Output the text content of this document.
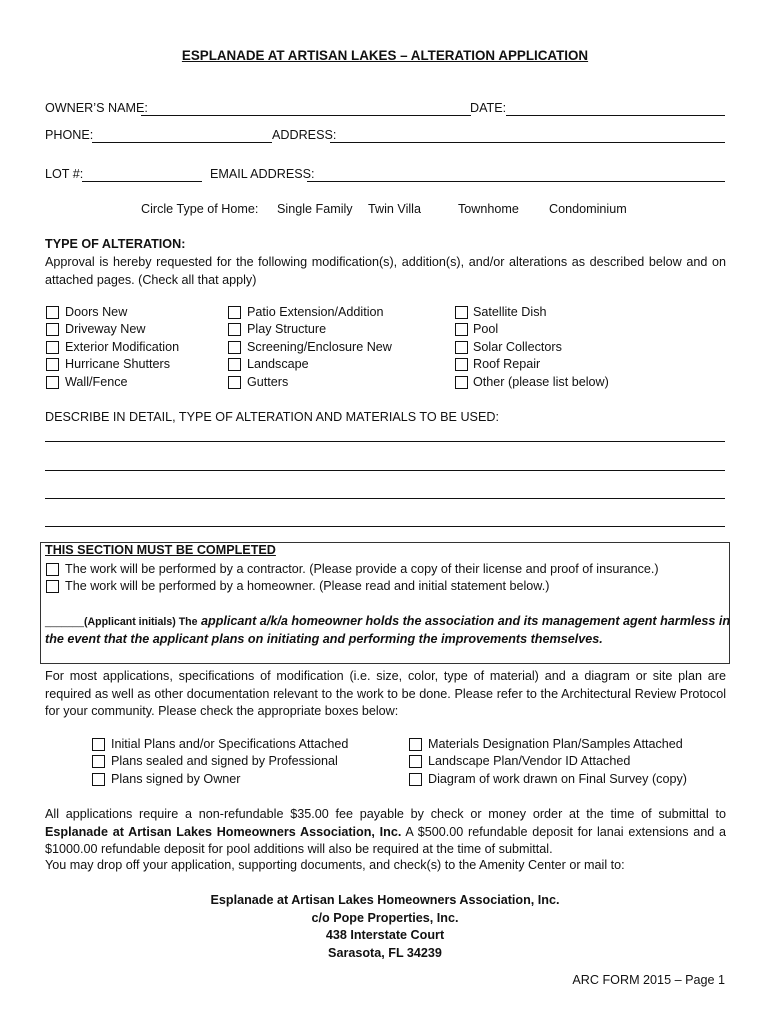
ESPLANADE AT ARTISAN LAKES – ALTERATION APPLICATION
OWNER’S NAME:	DATE:
PHONE:	ADDRESS:
LOT #:	EMAIL ADDRESS:
Circle Type of Home: Single Family Twin Villa	Townhome Condominium
TYPE OF ALTERATION:
Approval is hereby requested for the following modification(s), addition(s), and/or alterations as described below and on attached pages. (Check all that apply)
Doors New
Driveway New
Exterior Modification
Hurricane Shutters
Wall/Fence
Patio Extension/Addition
Play Structure
Screening/Enclosure New
Landscape
Gutters
Satellite Dish
Pool
Solar Collectors
Roof Repair
Other (please list below)
DESCRIBE IN DETAIL, TYPE OF ALTERATION AND MATERIALS TO BE USED:
THIS SECTION MUST BE COMPLETED
The work will be performed by a contractor. (Please provide a copy of their license and proof of insurance.)
The work will be performed by a homeowner. (Please read and initial statement below.)
_______(Applicant initials) The applicant a/k/a homeowner holds the association and its management agent harmless in
the event that the applicant plans on initiating and performing the improvements themselves.
For most applications, specifications of modification (i.e. size, color, type of material) and a diagram or site plan are required as well as other documentation relevant to the work to be done. Please refer to the Architectural Review Protocol for your community. Please check the appropriate boxes below:
Initial Plans and/or Specifications Attached
Plans sealed and signed by Professional
Plans signed by Owner
Materials Designation Plan/Samples Attached
Landscape Plan/Vendor ID Attached
Diagram of work drawn on Final Survey (copy)
All applications require a non-refundable $35.00 fee payable by check or money order at the time of submittal to Esplanade at Artisan Lakes Homeowners Association, Inc. A $500.00 refundable deposit for lanai extensions and a $1000.00 refundable deposit for pool additions will also be required at the time of submittal.
You may drop off your application, supporting documents, and check(s) to the Amenity Center or mail to:
Esplanade at Artisan Lakes Homeowners Association, Inc.
c/o Pope Properties, Inc.
438 Interstate Court
Sarasota, FL 34239
ARC FORM 2015 – Page 1
